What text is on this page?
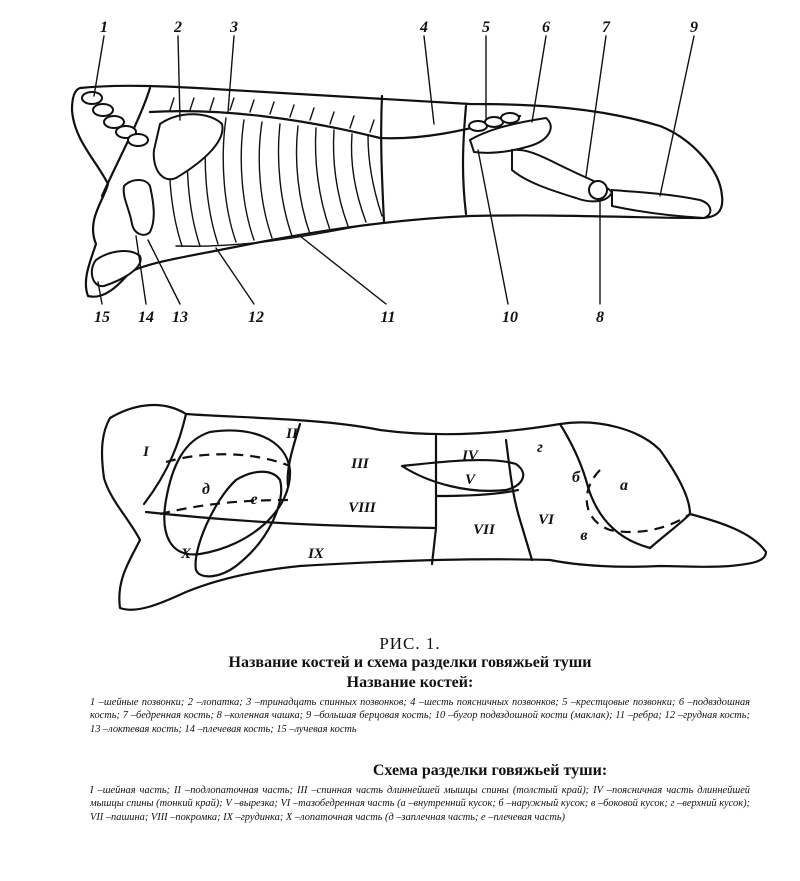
1	2	3	4	5	6	7	9
15 14 13	12	11	10	8
I
II
III	IV
V
VI
VII
VIII
IX
X
д
е
г
б	а
в
РИС. 1.
Название костей и схема разделки говяжьей туши
Название костей:
1 –шейные позвонки; 2 –лопатка; 3 –тринадцать спинных позвонков; 4 –шесть поясничных позвонков; 5 –крестцовые позвонки; 6 –подвздошная кость; 7 –бедренная кость; 8 –коленная чашка; 9 –большая берцовая кость; 10 –бугор подвздошной кости (маклак); 11 –ребра; 12 –грудная кость; 13 –локтевая кость; 14 –плечевая кость; 15 –лучевая кость
Схема разделки говяжьей туши:
I –шейная часть; II –подлопаточная часть; III –спинная часть длиннейшей мышцы спины (толстый край); IV –поясничная часть длиннейшей мышцы спины (тонкий край); V –вырезка; VI –тазобедренная часть (а –внутренний кусок; б –наружный кусок; в –боковой кусок; г –верхний кусок); VII –пашина; VIII –покромка; IX –грудинка; X –лопаточная часть (д –заплечная часть; е –плечевая часть)
